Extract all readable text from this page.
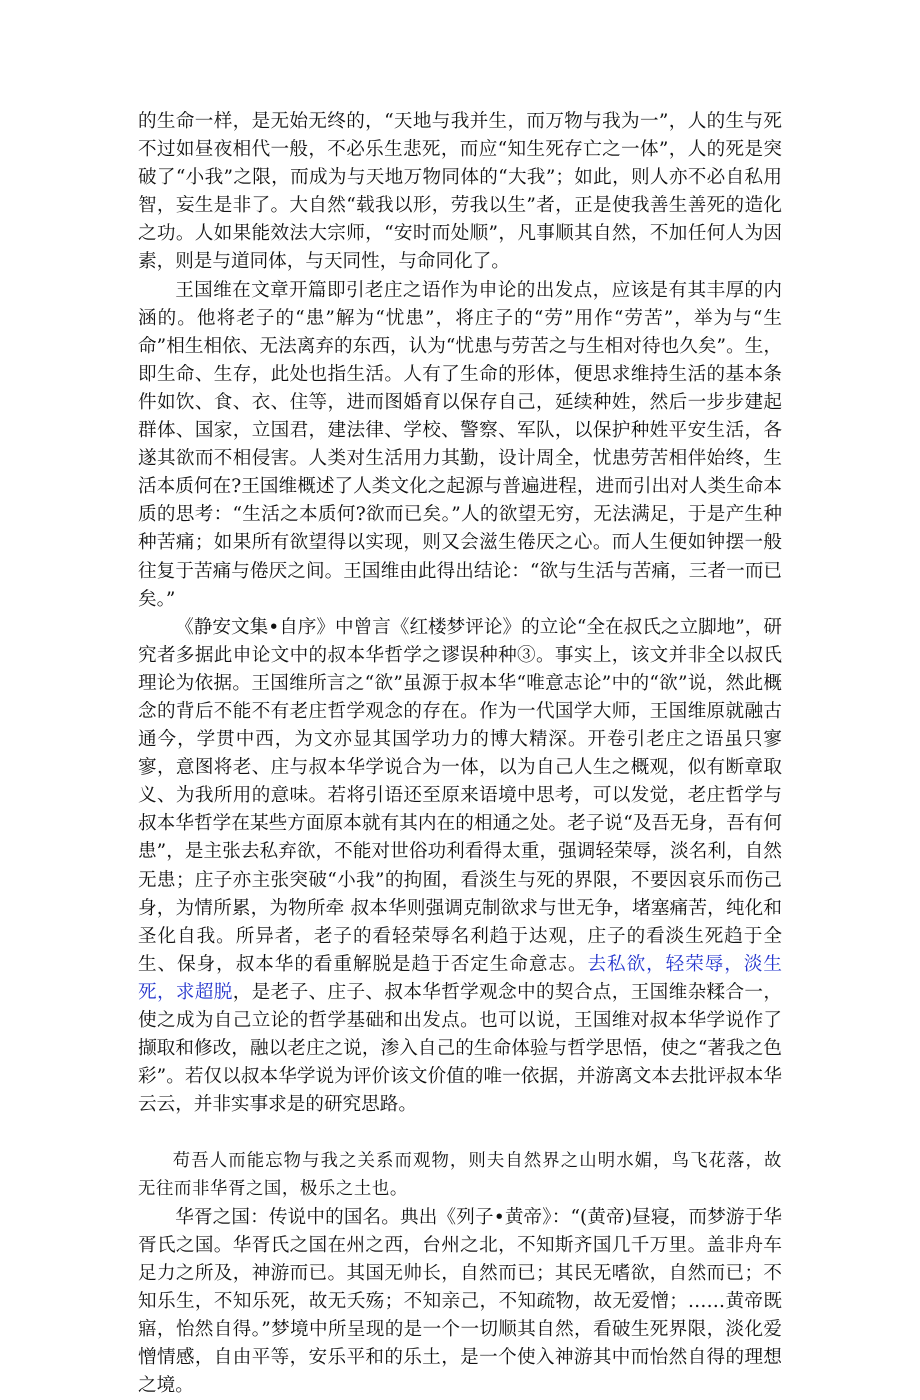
的生命一样，是无始无终的，“天地与我并生，而万物与我为一”，人的生与死不过如昼夜相代一般，不必乐生悲死，而应“知生死存亡之一体”，人的死是突破了“小我”之限，而成为与天地万物同体的“大我”；如此，则人亦不必自私用智，妄生是非了。大自然“载我以形，劳我以生”者，正是使我善生善死的造化之功。人如果能效法大宗师，“安时而处顺”，凡事顺其自然，不加任何人为因素，则是与道同体，与天同性，与命同化了。

王国维在文章开篇即引老庄之语作为申论的出发点，应该是有其丰厚的内涵的。他将老子的“患”解为“忧患”，将庄子的“劳”用作“劳苦”，举为与“生命”相生相依、无法离弃的东西，认为“忧患与劳苦之与生相对待也久矣”。生，即生命、生存，此处也指生活。人有了生命的形体，便思求维持生活的基本条件如饮、食、衣、住等，进而图婚育以保存自己，延续种姓，然后一步步建起群体、国家，立国君，建法律、学校、警察、军队，以保护种姓平安生活，各遂其欲而不相侵害。人类对生活用力其勤，设计周全，忧患劳苦相伴始终，生活本质何在?王国维概述了人类文化之起源与普遍进程，进而引出对人类生命本质的思考：“生活之本质何?欲而已矣。”人的欲望无穷，无法满足，于是产生种种苦痛；如果所有欲望得以实现，则又会滋生倦厌之心。而人生便如钟摆一般往复于苦痛与倦厌之间。王国维由此得出结论：“欲与生活与苦痛，三者一而已矣。”

《静安文集•自序》中曾言《红楼梦评论》的立论“全在叔氏之立脚地”，研究者多据此申论文中的叔本华哲学之谬误种种③。事实上，该文并非全以叔氏理论为依据。王国维所言之“欲”虽源于叔本华“唯意志论”中的“欲”说，然此概念的背后不能不有老庄哲学观念的存在。作为一代国学大师，王国维原就融古通今，学贯中西，为文亦显其国学功力的博大精深。开卷引老庄之语虽只寥寥，意图将老、庄与叔本华学说合为一体，以为自己人生之概观，似有断章取义、为我所用的意味。若将引语还至原来语境中思考，可以发觉，老庄哲学与叔本华哲学在某些方面原本就有其内在的相通之处。老子说“及吾无身，吾有何患”，是主张去私弃欲，不能对世俗功利看得太重，强调轻荣辱，淡名利，自然无患；庄子亦主张突破“小我”的拘囿，看淡生与死的界限，不要因哀乐而伤己身，为情所累，为物所牵 叔本华则强调克制欲求与世无争，堵塞痛苦，纯化和圣化自我。所异者，老子的看轻荣辱名利趋于达观，庄子的看淡生死趋于全生、保身，叔本华的看重解脱是趋于否定生命意志。去私欲，轻荣辱，淡生死，求超脱，是老子、庄子、叔本华哲学观念中的契合点，王国维杂糅合一，使之成为自己立论的哲学基础和出发点。也可以说，王国维对叔本华学说作了撷取和修改，融以老庄之说，渗入自己的生命体验与哲学思悟，使之“著我之色彩”。若仅以叔本华学说为评价该文价值的唯一依据，并游离文本去批评叔本华云云，并非实事求是的研究思路。

苟吾人而能忘物与我之关系而观物，则夫自然界之山明水媚，鸟飞花落，故无往而非华胥之国，极乐之土也。

华胥之国：传说中的国名。典出《列子•黄帝》：“(黄帝)昼寝，而梦游于华胥氏之国。华胥氏之国在州之西，台州之北，不知斯齐国几千万里。盖非舟车足力之所及，神游而已。其国无帅长，自然而已；其民无嗜欲，自然而已；不知乐生，不知乐死，故无夭殇；不知亲己，不知疏物，故无爱憎；……黄帝既寤，怡然自得。”梦境中所呈现的是一个一切顺其自然，看破生死界限，淡化爱憎情感，自由平等，安乐平和的乐土，是一个使入神游其中而怡然自得的理想之境。
